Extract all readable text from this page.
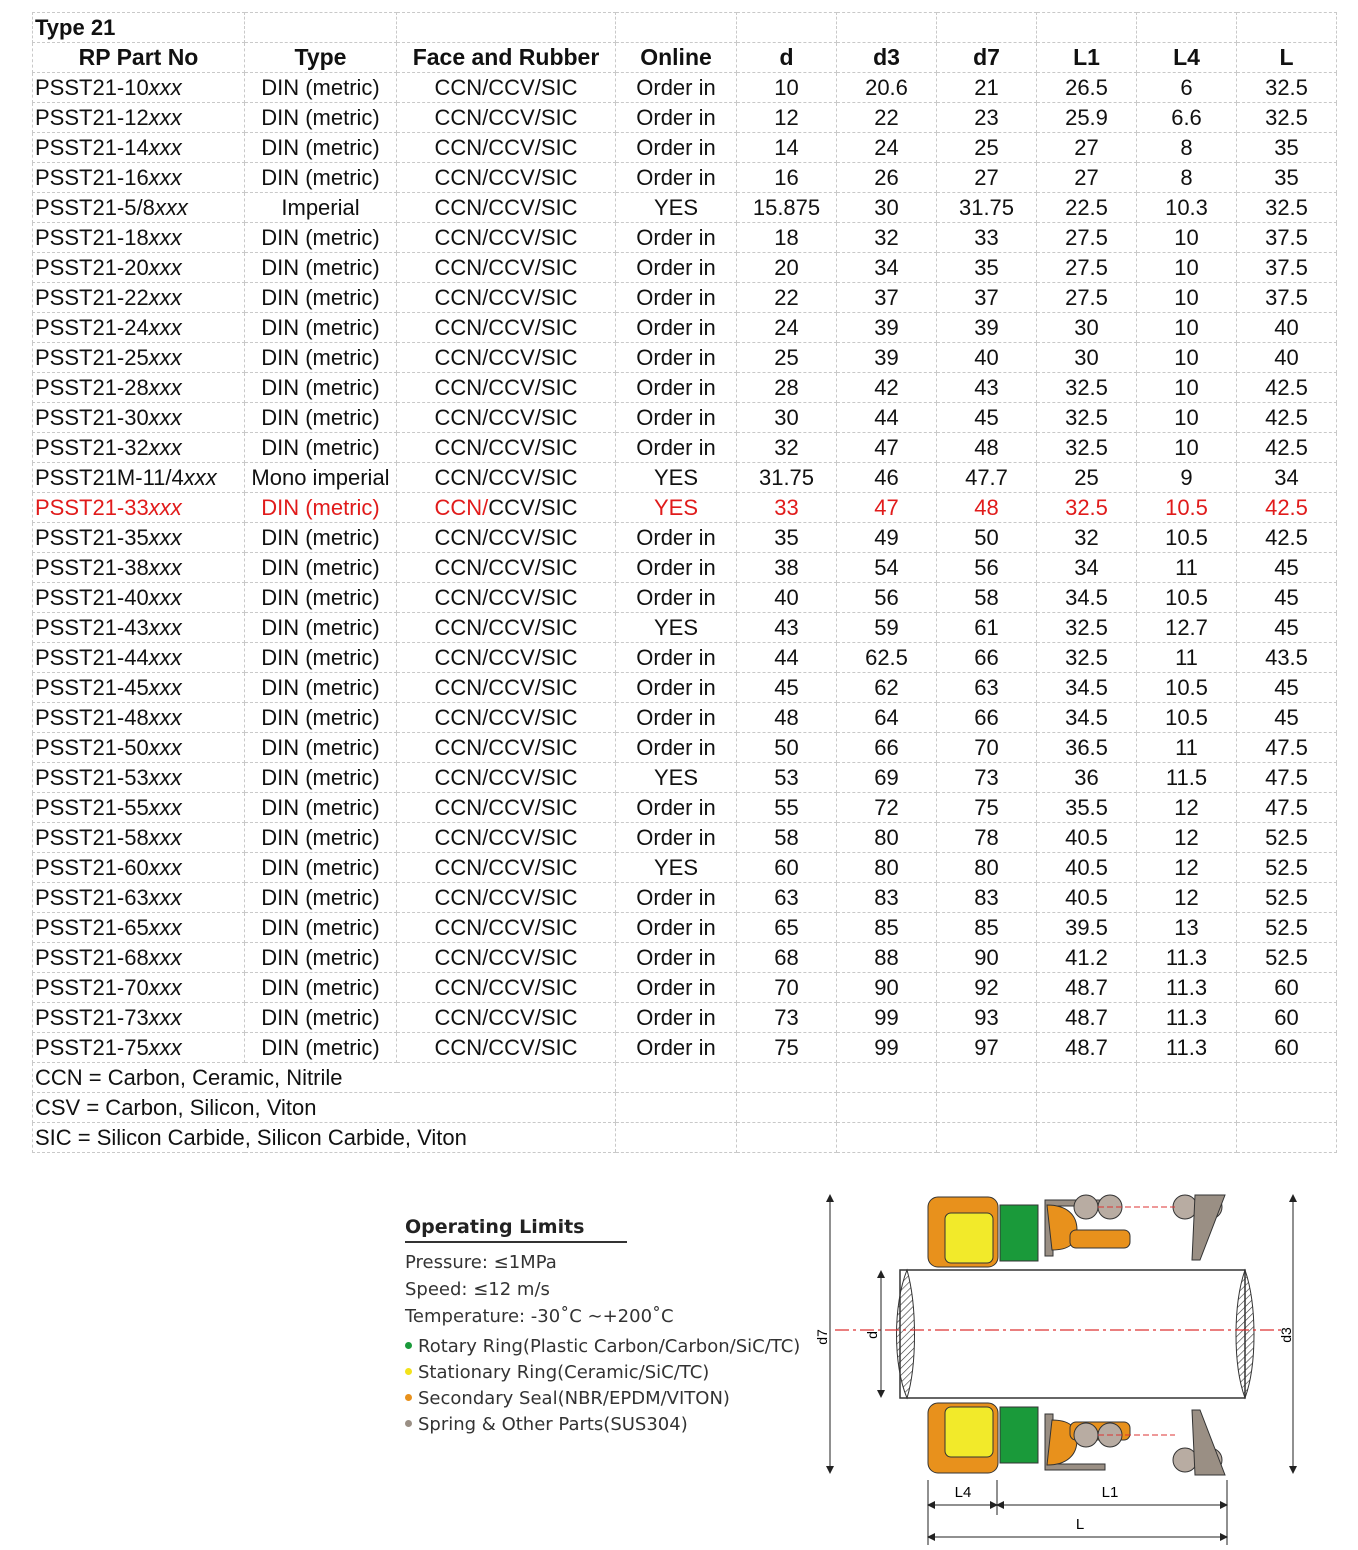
Type 21									
RP Part No	Type	Face and Rubber	Online	d	d3	d7	L1	L4	L
PSST21-10xxx	DIN (metric)	CCN/CCV/SIC	Order in	10	20.6	21	26.5	6	32.5
PSST21-12xxx	DIN (metric)	CCN/CCV/SIC	Order in	12	22	23	25.9	6.6	32.5
PSST21-14xxx	DIN (metric)	CCN/CCV/SIC	Order in	14	24	25	27	8	35
PSST21-16xxx	DIN (metric)	CCN/CCV/SIC	Order in	16	26	27	27	8	35
PSST21-5/8xxx	Imperial	CCN/CCV/SIC	YES	15.875	30	31.75	22.5	10.3	32.5
PSST21-18xxx	DIN (metric)	CCN/CCV/SIC	Order in	18	32	33	27.5	10	37.5
PSST21-20xxx	DIN (metric)	CCN/CCV/SIC	Order in	20	34	35	27.5	10	37.5
PSST21-22xxx	DIN (metric)	CCN/CCV/SIC	Order in	22	37	37	27.5	10	37.5
PSST21-24xxx	DIN (metric)	CCN/CCV/SIC	Order in	24	39	39	30	10	40
PSST21-25xxx	DIN (metric)	CCN/CCV/SIC	Order in	25	39	40	30	10	40
PSST21-28xxx	DIN (metric)	CCN/CCV/SIC	Order in	28	42	43	32.5	10	42.5
PSST21-30xxx	DIN (metric)	CCN/CCV/SIC	Order in	30	44	45	32.5	10	42.5
PSST21-32xxx	DIN (metric)	CCN/CCV/SIC	Order in	32	47	48	32.5	10	42.5
PSST21M-11/4xxx	Mono imperial	CCN/CCV/SIC	YES	31.75	46	47.7	25	9	34
PSST21-33xxx	DIN (metric)	CCN/CCV/SIC	YES	33	47	48	32.5	10.5	42.5
PSST21-35xxx	DIN (metric)	CCN/CCV/SIC	Order in	35	49	50	32	10.5	42.5
PSST21-38xxx	DIN (metric)	CCN/CCV/SIC	Order in	38	54	56	34	11	45
PSST21-40xxx	DIN (metric)	CCN/CCV/SIC	Order in	40	56	58	34.5	10.5	45
PSST21-43xxx	DIN (metric)	CCN/CCV/SIC	YES	43	59	61	32.5	12.7	45
PSST21-44xxx	DIN (metric)	CCN/CCV/SIC	Order in	44	62.5	66	32.5	11	43.5
PSST21-45xxx	DIN (metric)	CCN/CCV/SIC	Order in	45	62	63	34.5	10.5	45
PSST21-48xxx	DIN (metric)	CCN/CCV/SIC	Order in	48	64	66	34.5	10.5	45
PSST21-50xxx	DIN (metric)	CCN/CCV/SIC	Order in	50	66	70	36.5	11	47.5
PSST21-53xxx	DIN (metric)	CCN/CCV/SIC	YES	53	69	73	36	11.5	47.5
PSST21-55xxx	DIN (metric)	CCN/CCV/SIC	Order in	55	72	75	35.5	12	47.5
PSST21-58xxx	DIN (metric)	CCN/CCV/SIC	Order in	58	80	78	40.5	12	52.5
PSST21-60xxx	DIN (metric)	CCN/CCV/SIC	YES	60	80	80	40.5	12	52.5
PSST21-63xxx	DIN (metric)	CCN/CCV/SIC	Order in	63	83	83	40.5	12	52.5
PSST21-65xxx	DIN (metric)	CCN/CCV/SIC	Order in	65	85	85	39.5	13	52.5
PSST21-68xxx	DIN (metric)	CCN/CCV/SIC	Order in	68	88	90	41.2	11.3	52.5
PSST21-70xxx	DIN (metric)	CCN/CCV/SIC	Order in	70	90	92	48.7	11.3	60
PSST21-73xxx	DIN (metric)	CCN/CCV/SIC	Order in	73	99	93	48.7	11.3	60
PSST21-75xxx	DIN (metric)	CCN/CCV/SIC	Order in	75	99	97	48.7	11.3	60
CCN = Carbon, Ceramic, Nitrile									
CSV = Carbon, Silicon, Viton									
SIC = Silicon Carbide, Silicon Carbide, Viton									
Operating Limits
Pressure: ≤1MPa
Speed: ≤12 m/s
Temperature: -30˚C ∼+200˚C
Rotary Ring(Plastic Carbon/Carbon/SiC/TC)
Stationary Ring(Ceramic/SiC/TC)
Secondary Seal(NBR/EPDM/VITON)
Spring & Other Parts(SUS304)
d7 d	d3
L4	L1
L
